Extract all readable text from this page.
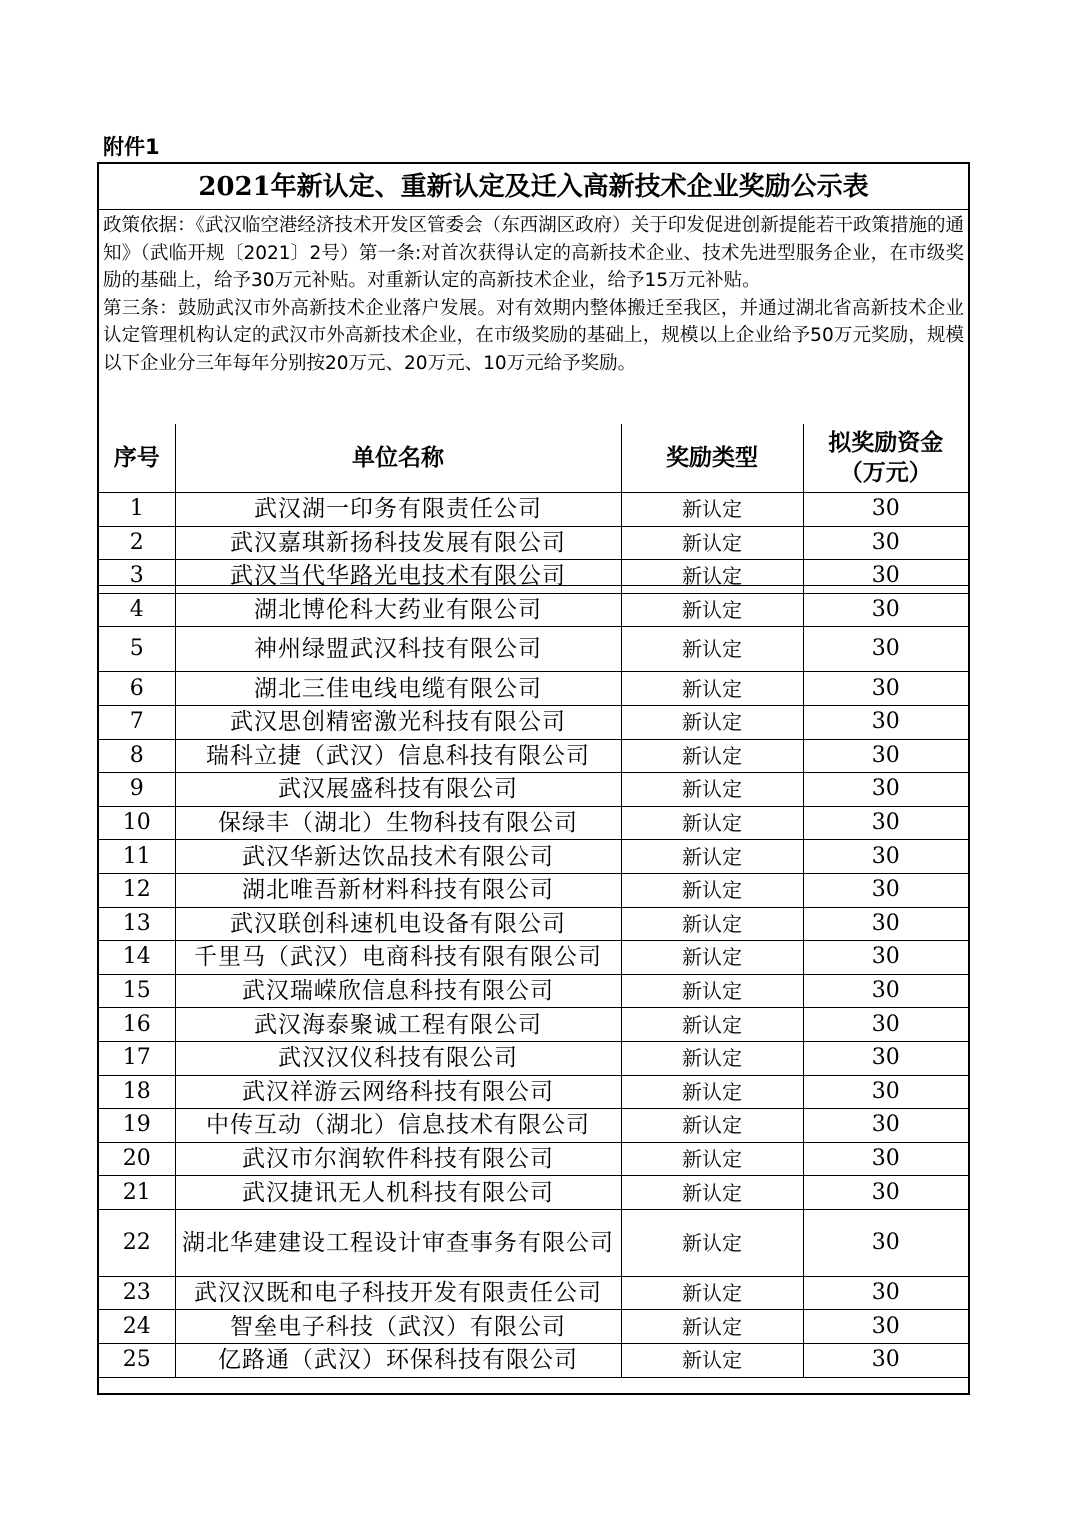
附件1
2021年新认定、重新认定及迁入高新技术企业奖励公示表

政策依据：《武汉临空港经济技术开发区管委会（东西湖区政府）关于印发促进创新提能若干政策措施的通知》（武临开规〔2021〕2号）第一条:对首次获得认定的高新技术企业、技术先进型服务企业，在市级奖励的基础上，给予30万元补贴。对重新认定的高新技术企业，给予15万元补贴。

第三条：鼓励武汉市外高新技术企业落户发展。对有效期内整体搬迁至我区，并通过湖北省高新技术企业认定管理机构认定的武汉市外高新技术企业，在市级奖励的基础上，规模以上企业给予50万元奖励，规模以下企业分三年每年分别按20万元、20万元、10万元给予奖励。

序号	单位名称	奖励类型	拟奖励资金（万元）
1	武汉湖一印务有限责任公司	新认定	30
2	武汉嘉琪新扬科技发展有限公司	新认定	30
3	武汉当代华路光电技术有限公司	新认定	30
4	湖北博伦科大药业有限公司	新认定	30
5	神州绿盟武汉科技有限公司	新认定	30
6	湖北三佳电线电缆有限公司	新认定	30
7	武汉思创精密激光科技有限公司	新认定	30
8	瑞科立捷（武汉）信息科技有限公司	新认定	30
9	武汉展盛科技有限公司	新认定	30
10	保绿丰（湖北）生物科技有限公司	新认定	30
11	武汉华新达饮品技术有限公司	新认定	30
12	湖北唯吾新材料科技有限公司	新认定	30
13	武汉联创科速机电设备有限公司	新认定	30
14	千里马（武汉）电商科技有限有限公司	新认定	30
15	武汉瑞嵘欣信息科技有限公司	新认定	30
16	武汉海泰聚诚工程有限公司	新认定	30
17	武汉汉仪科技有限公司	新认定	30
18	武汉祥游云网络科技有限公司	新认定	30
19	中传互动（湖北）信息技术有限公司	新认定	30
20	武汉市尔润软件科技有限公司	新认定	30
21	武汉捷讯无人机科技有限公司	新认定	30
22	湖北华建建设工程设计审查事务有限公司	新认定	30
23	武汉汉既和电子科技开发有限责任公司	新认定	30
24	智垒电子科技（武汉）有限公司	新认定	30
25	亿路通（武汉）环保科技有限公司	新认定	30
